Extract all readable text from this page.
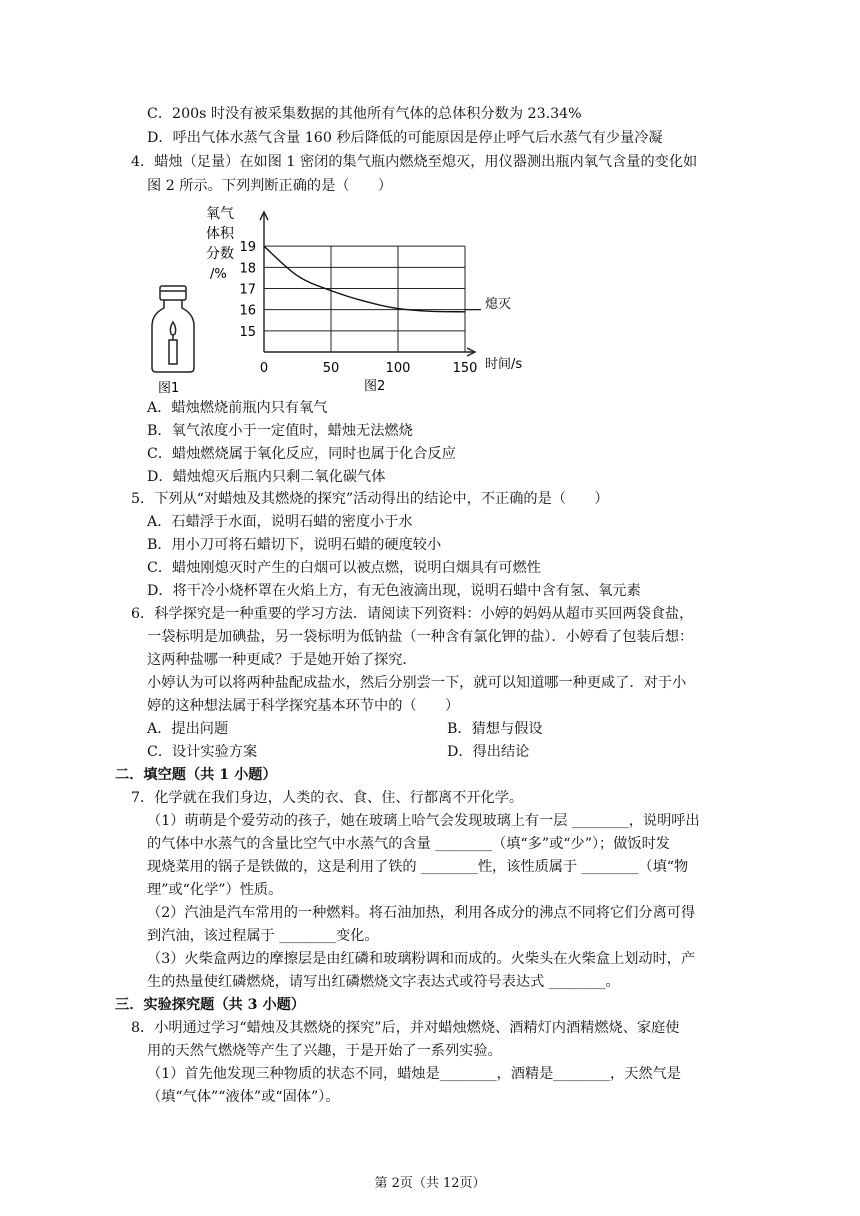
C．200s 时没有被采集数据的其他所有气体的总体积分数为 23.34%
D．呼出气体水蒸气含量 160 秒后降低的可能原因是停止呼气后水蒸气有少量冷凝
4．蜡烛（足量）在如图 1 密闭的集气瓶内燃烧至熄灭，用仪器测出瓶内氧气含量的变化如
图 2 所示。下列判断正确的是（　　）
图1
氧气
体积
分数
/%
15
16
17
18
19
0	50	100	150
熄灭
时间/s
图2
A．蜡烛燃烧前瓶内只有氧气
B．氧气浓度小于一定值时，蜡烛无法燃烧
C．蜡烛燃烧属于氧化反应，同时也属于化合反应
D．蜡烛熄灭后瓶内只剩二氧化碳气体
5．下列从“对蜡烛及其燃烧的探究”活动得出的结论中，不正确的是（　　）
A．石蜡浮于水面，说明石蜡的密度小于水
B．用小刀可将石蜡切下，说明石蜡的硬度较小
C．蜡烛刚熄灭时产生的白烟可以被点燃，说明白烟具有可燃性
D．将干冷小烧杯罩在火焰上方，有无色液滴出现，说明石蜡中含有氢、氧元素
6．科学探究是一种重要的学习方法．请阅读下列资料：小婷的妈妈从超市买回两袋食盐，
一袋标明是加碘盐，另一袋标明为低钠盐（一种含有氯化钾的盐）．小婷看了包装后想：
这两种盐哪一种更咸？于是她开始了探究．
小婷认为可以将两种盐配成盐水，然后分别尝一下，就可以知道哪一种更咸了．对于小
婷的这种想法属于科学探究基本环节中的（　　）
A．提出问题	B．猜想与假设
C．设计实验方案	D．得出结论
二．填空题（共 1 小题）
7．化学就在我们身边，人类的衣、食、住、行都离不开化学。
（1）萌萌是个爱劳动的孩子，她在玻璃上哈气会发现玻璃上有一层 ________，说明呼出
的气体中水蒸气的含量比空气中水蒸气的含量 ________（填“多”或“少”）；做饭时发
现烧菜用的锅子是铁做的，这是利用了铁的 ________性，该性质属于 ________（填“物
理”或“化学”）性质。
（2）汽油是汽车常用的一种燃料。将石油加热，利用各成分的沸点不同将它们分离可得
到汽油，该过程属于 ________变化。
（3）火柴盒两边的摩擦层是由红磷和玻璃粉调和而成的。火柴头在火柴盒上划动时，产
生的热量使红磷燃烧，请写出红磷燃烧文字表达式或符号表达式 ________。
三．实验探究题（共 3 小题）
8．小明通过学习“蜡烛及其燃烧的探究”后，并对蜡烛燃烧、酒精灯内酒精燃烧、家庭使
用的天然气燃烧等产生了兴趣，于是开始了一系列实验。
（1）首先他发现三种物质的状态不同，蜡烛是________，酒精是________，天然气是
（填“气体”“液体”或“固体”）。
第 2页（共 12页）
